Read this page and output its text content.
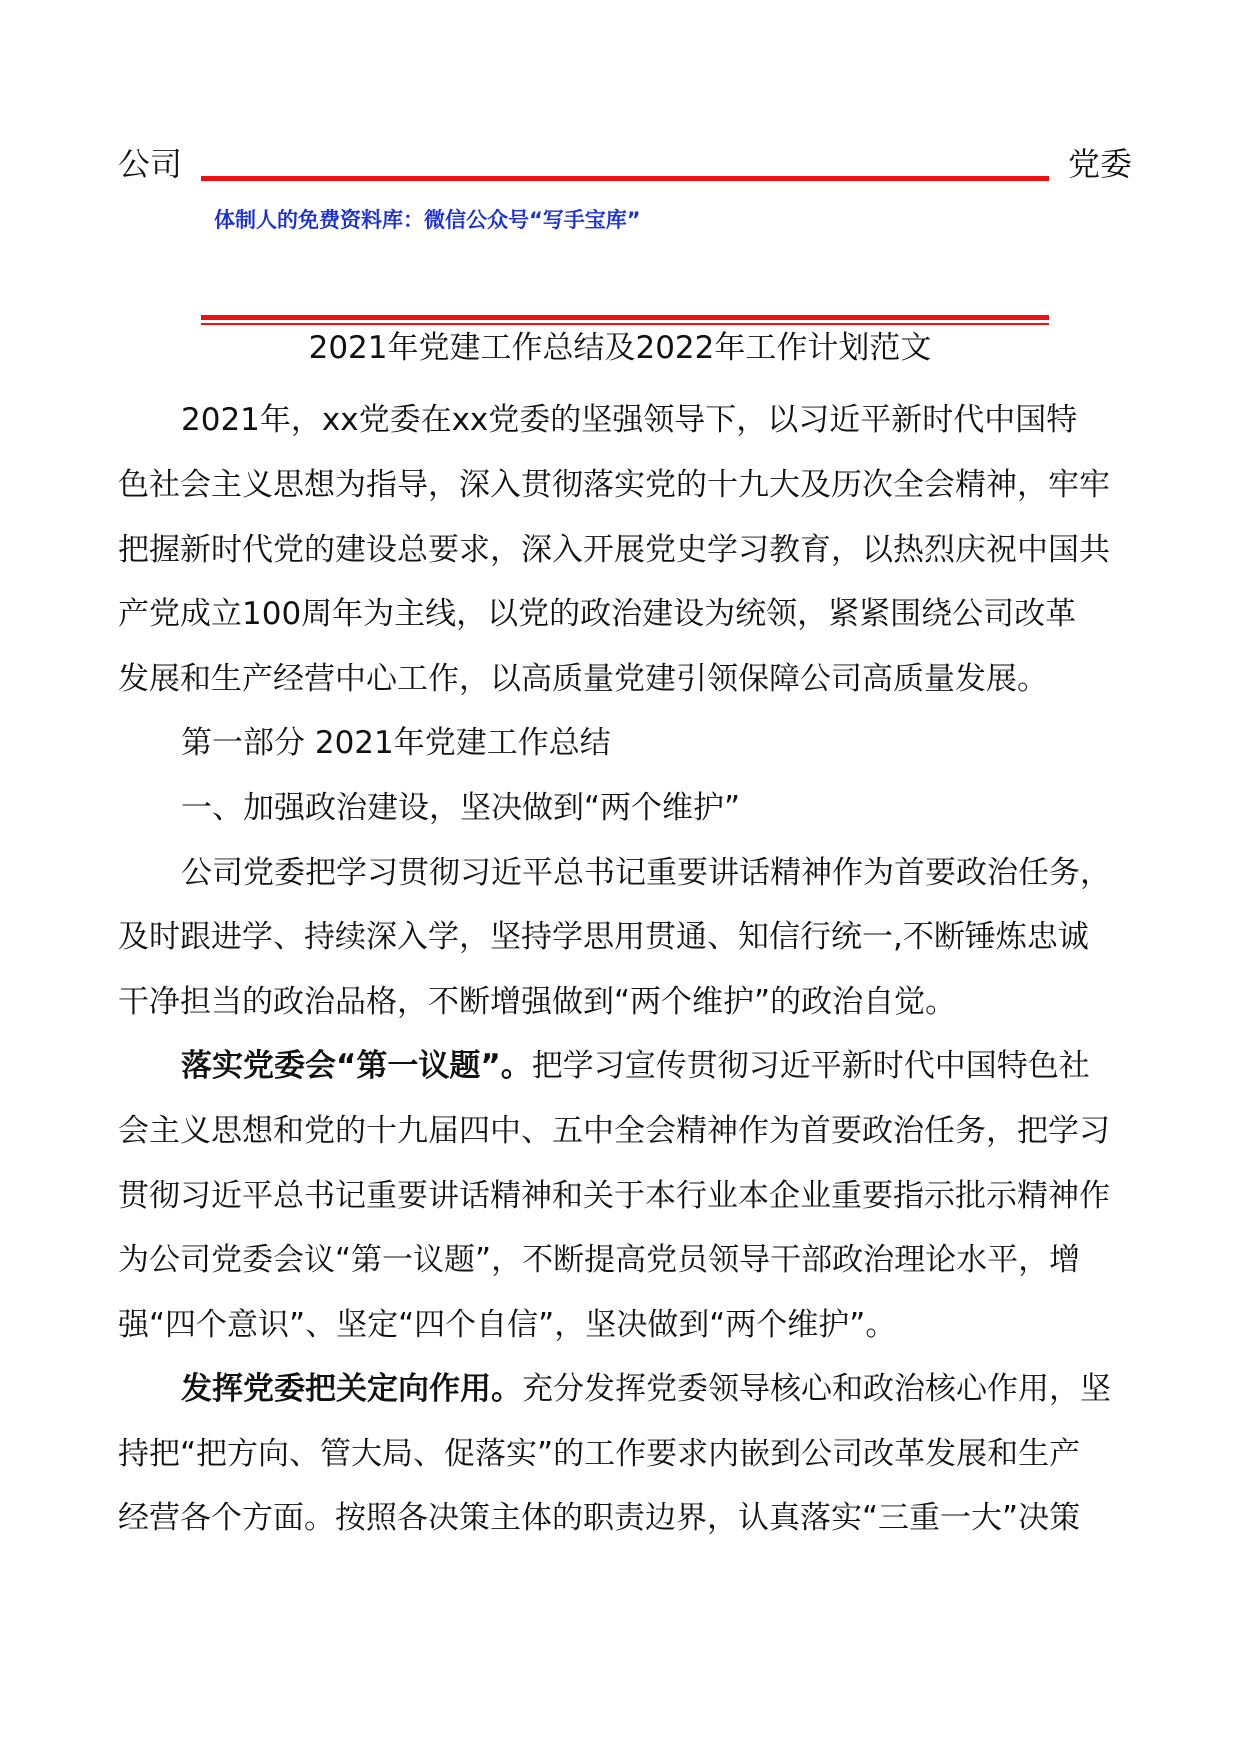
公司	党委
体制人的免费资料库：微信公众号“写手宝库”
2021年党建工作总结及2022年工作计划范文
2021年，xx党委在xx党委的坚强领导下，以习近平新时代中国特
色社会主义思想为指导，深入贯彻落实党的十九大及历次全会精神，牢牢
把握新时代党的建设总要求，深入开展党史学习教育，以热烈庆祝中国共
产党成立100周年为主线，以党的政治建设为统领，紧紧围绕公司改革
发展和生产经营中心工作，以高质量党建引领保障公司高质量发展。
第一部分 2021年党建工作总结
一、加强政治建设，坚决做到“两个维护”
公司党委把学习贯彻习近平总书记重要讲话精神作为首要政治任务，
及时跟进学、持续深入学，坚持学思用贯通、知信行统一,不断锤炼忠诚
干净担当的政治品格，不断增强做到“两个维护”的政治自觉。
落实党委会“第一议题”。把学习宣传贯彻习近平新时代中国特色社
会主义思想和党的十九届四中、五中全会精神作为首要政治任务，把学习
贯彻习近平总书记重要讲话精神和关于本行业本企业重要指示批示精神作
为公司党委会议“第一议题”，不断提高党员领导干部政治理论水平，增
强“四个意识”、坚定“四个自信”，坚决做到“两个维护”。
发挥党委把关定向作用。充分发挥党委领导核心和政治核心作用，坚
持把“把方向、管大局、促落实”的工作要求内嵌到公司改革发展和生产
经营各个方面。按照各决策主体的职责边界，认真落实“三重一大”决策
